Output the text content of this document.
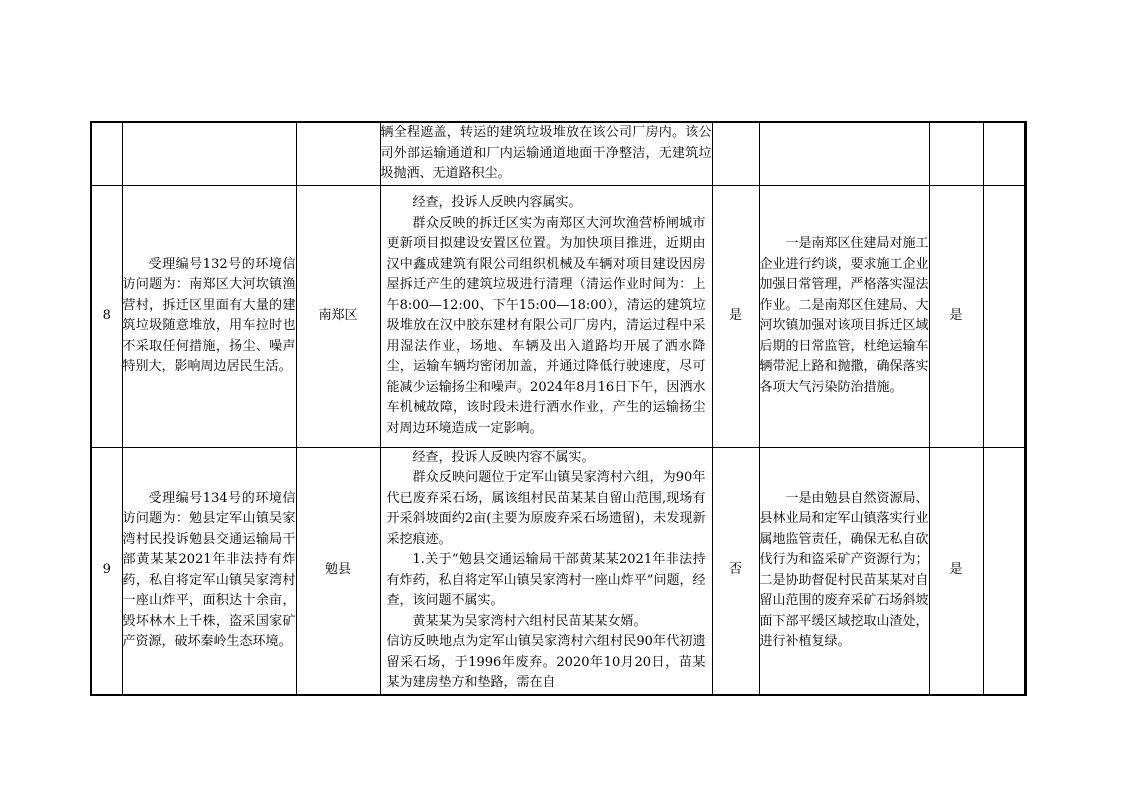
			辆全程遮盖，转运的建筑垃圾堆放在该公司厂房内。该公司外部运输通道和厂内运输通道地面干净整洁，无建筑垃圾抛洒、无道路积尘。					
8	受理编号132号的环境信访问题为：南郑区大河坎镇渔营村，拆迁区里面有大量的建筑垃圾随意堆放，用车拉时也不采取任何措施，扬尘、噪声特别大，影响周边居民生活。	南郑区	经查，投诉人反映内容属实。
群众反映的拆迁区实为南郑区大河坎渔营桥闸城市更新项目拟建设安置区位置。为加快项目推进，近期由汉中鑫成建筑有限公司组织机械及车辆对项目建设因房屋拆迁产生的建筑垃圾进行清理（清运作业时间为：上午8:00—12:00、下午15:00—18:00），清运的建筑垃圾堆放在汉中胶东建材有限公司厂房内，清运过程中采用湿法作业，场地、车辆及出入道路均开展了洒水降尘，运输车辆均密闭加盖，并通过降低行驶速度，尽可能减少运输扬尘和噪声。2024年8月16日下午，因洒水车机械故障，该时段未进行洒水作业，产生的运输扬尘对周边环境造成一定影响。	是	一是南郑区住建局对施工企业进行约谈，要求施工企业加强日常管理，严格落实湿法作业。二是南郑区住建局、大河坎镇加强对该项目拆迁区域后期的日常监管，杜绝运输车辆带泥上路和抛撒，确保落实各项大气污染防治措施。	是		
9	受理编号134号的环境信访问题为：勉县定军山镇吴家湾村民投诉勉县交通运输局干部黄某某2021年非法持有炸药，私自将定军山镇吴家湾村一座山炸平，面积达十余亩，毁坏林木上千株，盗采国家矿产资源，破坏秦岭生态环境。	勉县	经查，投诉人反映内容不属实。
群众反映问题位于定军山镇吴家湾村六组，为90年代已废弃采石场，属该组村民苗某某自留山范围,现场有开采斜坡面约2亩(主要为原废弃采石场遗留)，未发现新采挖痕迹。
1.关于“勉县交通运输局干部黄某某2021年非法持有炸药，私自将定军山镇吴家湾村一座山炸平”问题，经查，该问题不属实。
黄某某为吴家湾村六组村民苗某某女婿。
信访反映地点为定军山镇吴家湾村六组村民90年代初遗留采石场，于1996年废弃。2020年10月20日，苗某某为建房垫方和垫路，需在自	否	一是由勉县自然资源局、县林业局和定军山镇落实行业属地监管责任，确保无私自砍伐行为和盗采矿产资源行为；二是协助督促村民苗某某对自留山范围的废弃采矿石场斜坡面下部平缓区域挖取山渣处，进行补植复绿。	是		
